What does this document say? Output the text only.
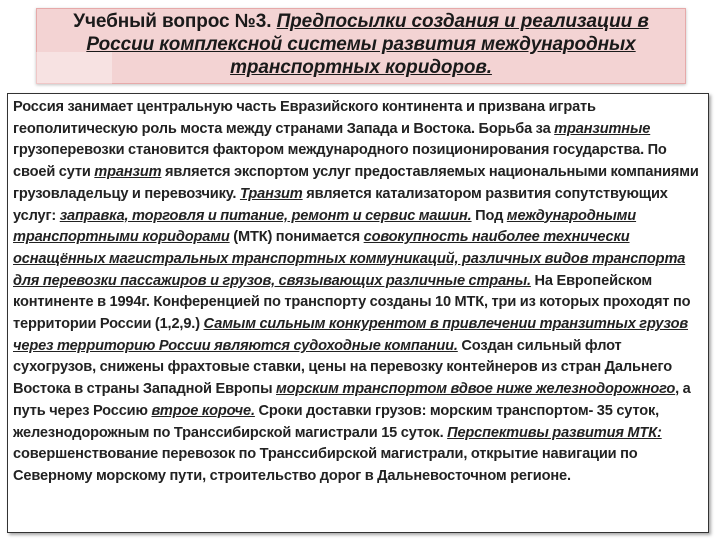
Учебный вопрос №3. Предпосылки создания и реализации в России комплексной системы развития международных транспортных коридоров.
Россия занимает центральную часть Евразийского континента и призвана играть геополитическую роль моста между странами Запада и Востока. Борьба за транзитные грузоперевозки становится фактором международного позиционирования государства. По своей сути транзит является экспортом услуг предоставляемых национальными компаниями грузовладельцу и перевозчику. Транзит является катализатором развития сопутствующих услуг: заправка, торговля и питание, ремонт и сервис машин. Под международными транспортными коридорами (МТК) понимается совокупность наиболее технически оснащённых магистральных транспортных коммуникаций, различных видов транспорта для перевозки пассажиров и грузов, связывающих различные страны. На Европейском континенте в 1994г. Конференцией по транспорту созданы 10 МТК, три из которых проходят по территории России (1,2,9.) Самым сильным конкурентом в привлечении транзитных грузов через территорию России являются судоходные компании. Создан сильный флот сухогрузов, снижены фрахтовые ставки, цены на перевозку контейнеров из стран Дальнего Востока в страны Западной Европы морским транспортом вдвое ниже железнодорожного, а путь через Россию втрое короче. Сроки доставки грузов: морским транспортом- 35 суток, железнодорожным по Транссибирской магистрали 15 суток. Перспективы развития МТК: совершенствование перевозок по Транссибирской магистрали, открытие навигации по Северному морскому пути, строительство дорог в Дальневосточном регионе.
